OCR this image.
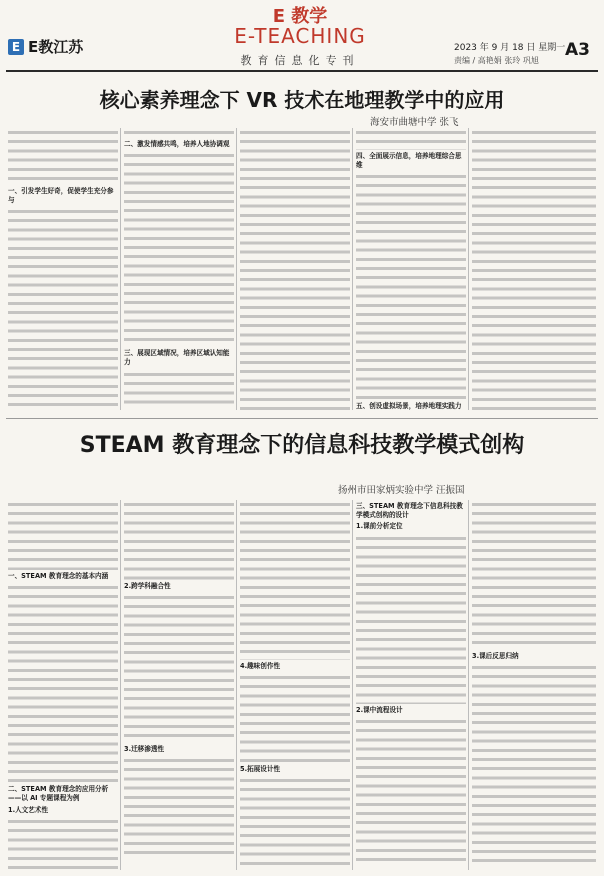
E E教江苏
E 教学
E-TEACHING
教育信息化专刊
2023 年 9 月 18 日 星期一
责编 / 高艳娟 张玲 巩旭
A3
核心素养理念下 VR 技术在地理教学中的应用
海安市曲塘中学 张飞

一、引发学生好奇，促使学生充分参与

二、激发情感共鸣，培养人地协调观

三、展现区域情况，培养区域认知能力

四、全面展示信息，培养地理综合思维

五、创设虚拟场景，培养地理实践力

STEAM 教育理念下的信息科技教学模式创构
扬州市田家炳实验中学 汪振国

一、STEAM 教育理念的基本内涵

二、STEAM 教育理念的应用分析——以 AI 专题课程为例

1.人文艺术性

2.跨学科融合性

3.迁移渗透性

4.趣味创作性

5.拓展设计性

三、STEAM 教育理念下信息科技教学模式创构的设计

1.课前分析定位

2.课中流程设计

3.课后反思归纳
